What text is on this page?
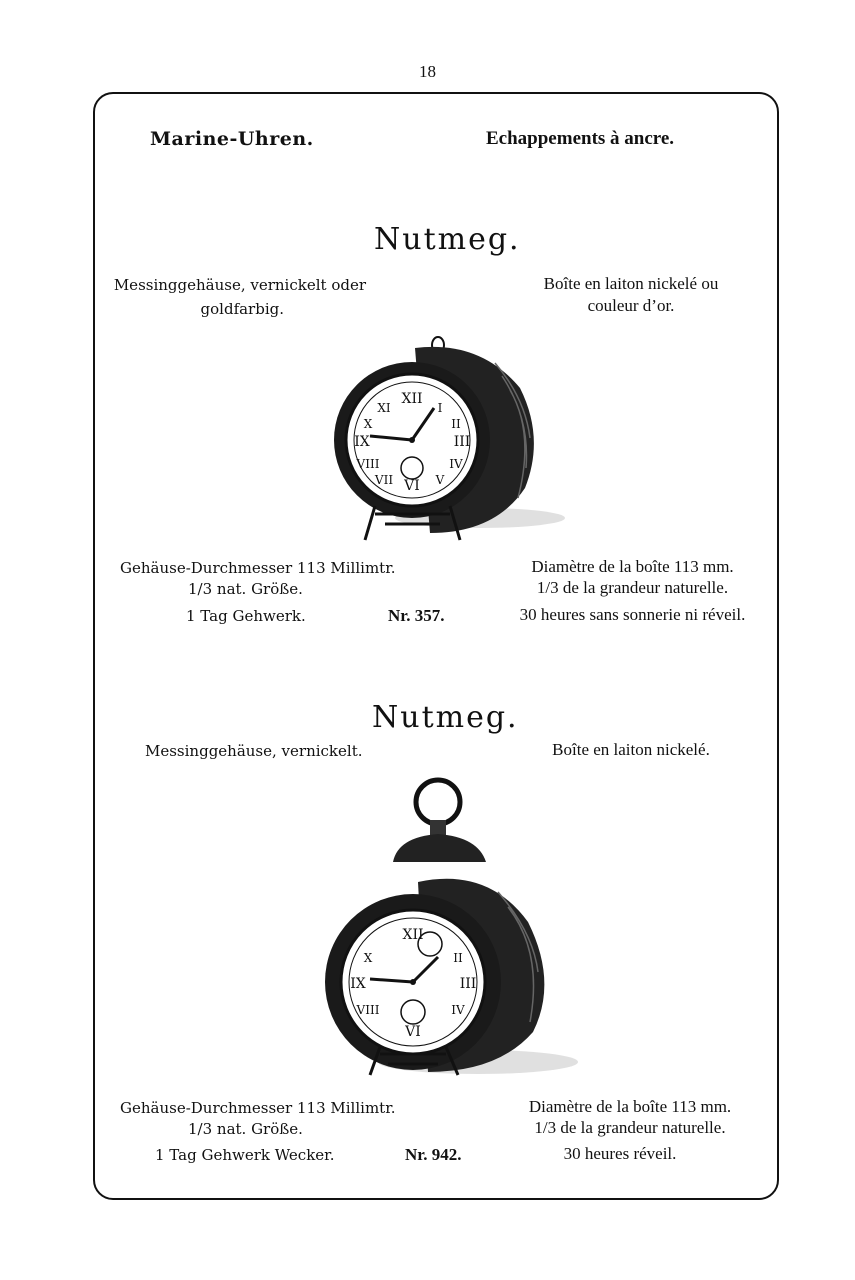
18
Marine-Uhren.	Echappements à ancre.
Nutmeg.
Messinggehäuse, vernickelt oder
goldfarbig.
Boîte en laiton nickelé ou
couleur d’or.
XII
VI
III
IX
I
II
IV
V
VII
VIII
X
XI
Gehäuse-Durchmesser 113 Millimtr.
1/3 nat. Größe.
1 Tag Gehwerk.	Nr. 357.
Diamètre de la boîte 113 mm.
1/3 de la grandeur naturelle.
30 heures sans sonnerie ni réveil.
Nutmeg.
Messinggehäuse, vernickelt.	Boîte en laiton nickelé.
XII
VI
III
IX
II
IV
VIII
X
Gehäuse-Durchmesser 113 Millimtr.
1/3 nat. Größe.
1 Tag Gehwerk Wecker.	Nr. 942.
Diamètre de la boîte 113 mm.
1/3 de la grandeur naturelle.
30 heures réveil.
